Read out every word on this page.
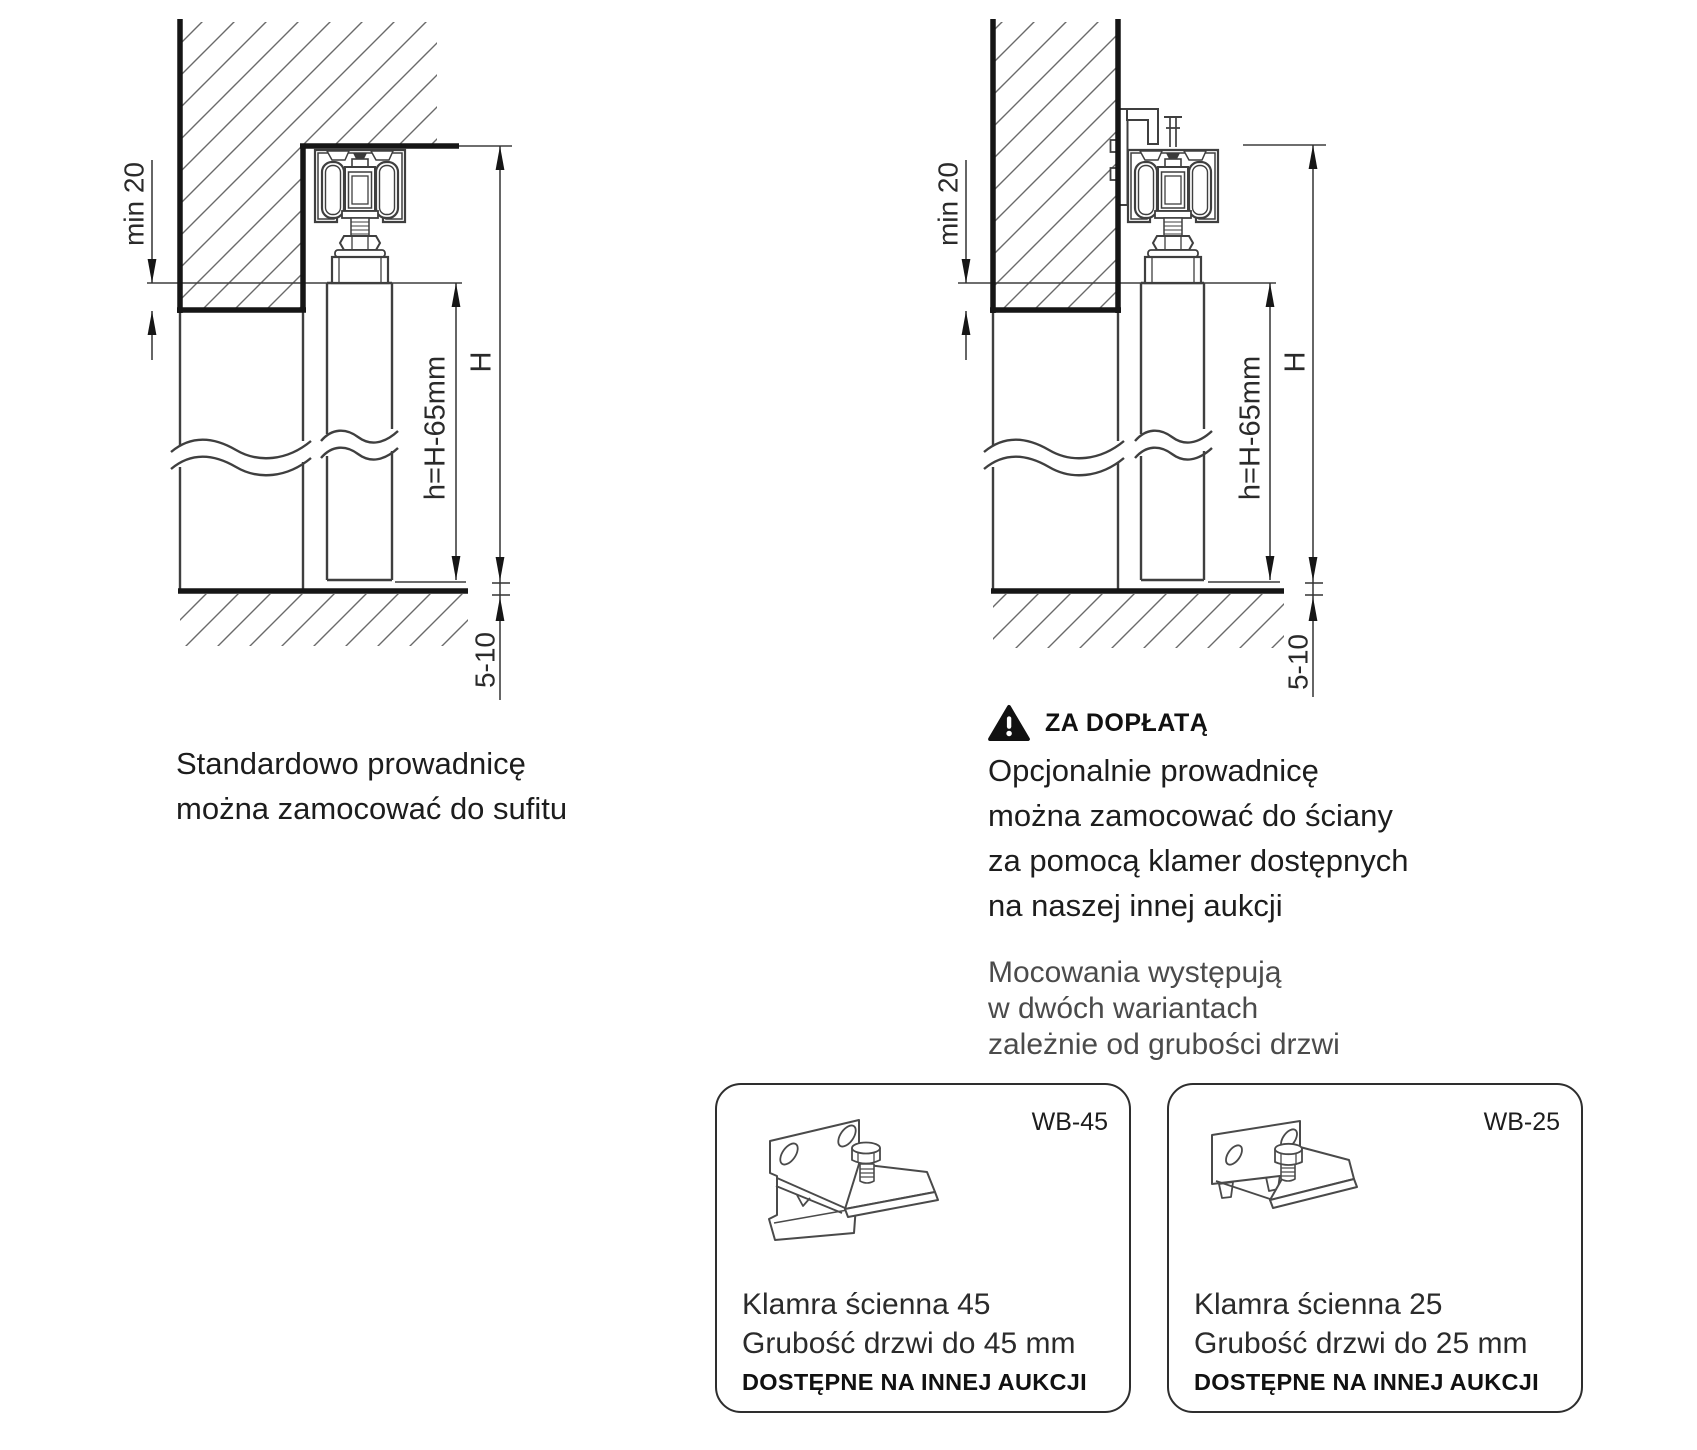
min 20
h=H-65mm H
5-10
min 20
h=H-65mm H
5-10
Standardowo prowadnicę
można zamocować do sufitu
ZA DOPŁATĄ
Opcjonalnie prowadnicę
można zamocować do ściany
za pomocą klamer dostępnych
na naszej innej aukcji
Mocowania występują
w dwóch wariantach
zależnie od grubości drzwi
WB-45
Klamra ścienna 45
Grubość drzwi do 45 mm
DOSTĘPNE NA INNEJ AUKCJI
WB-25
Klamra ścienna 25
Grubość drzwi do 25 mm
DOSTĘPNE NA INNEJ AUKCJI
